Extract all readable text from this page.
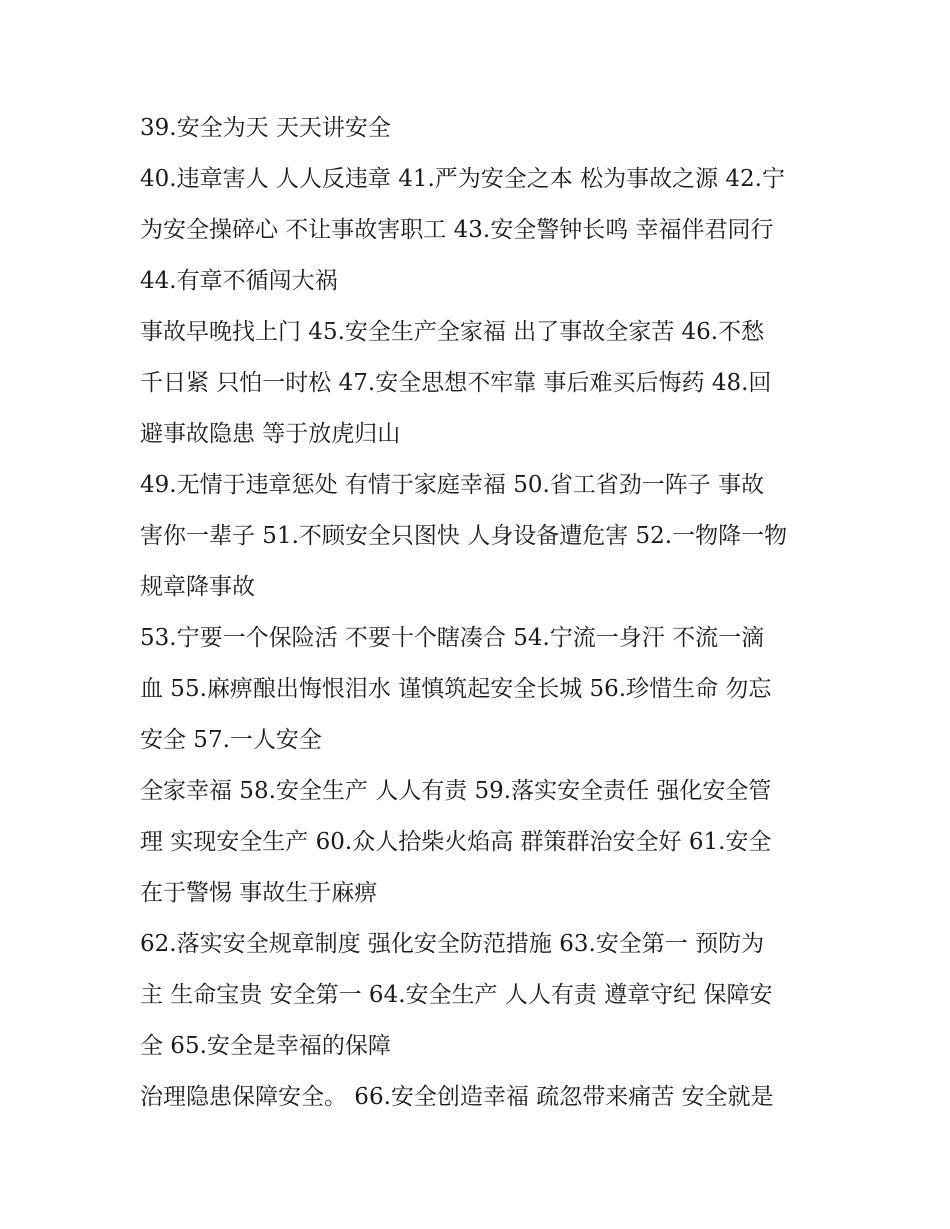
39.安全为天 天天讲安全
40.违章害人 人人反违章 41.严为安全之本 松为事故之源 42.宁
为安全操碎心 不让事故害职工 43.安全警钟长鸣 幸福伴君同行
44.有章不循闯大祸
事故早晚找上门 45.安全生产全家福 出了事故全家苦 46.不愁
千日紧 只怕一时松 47.安全思想不牢靠 事后难买后悔药 48.回
避事故隐患 等于放虎归山
49.无情于违章惩处 有情于家庭幸福 50.省工省劲一阵子 事故
害你一辈子 51.不顾安全只图快 人身设备遭危害 52.一物降一物
规章降事故
53.宁要一个保险活 不要十个瞎凑合 54.宁流一身汗 不流一滴
血 55.麻痹酿出悔恨泪水 谨慎筑起安全长城 56.珍惜生命 勿忘
安全 57.一人安全
全家幸福 58.安全生产 人人有责 59.落实安全责任 强化安全管
理 实现安全生产 60.众人拾柴火焰高 群策群治安全好 61.安全
在于警惕 事故生于麻痹
62.落实安全规章制度 强化安全防范措施 63.安全第一 预防为
主 生命宝贵 安全第一 64.安全生产 人人有责 遵章守纪 保障安
全 65.安全是幸福的保障
治理隐患保障安全。 66.安全创造幸福 疏忽带来痛苦 安全就是
